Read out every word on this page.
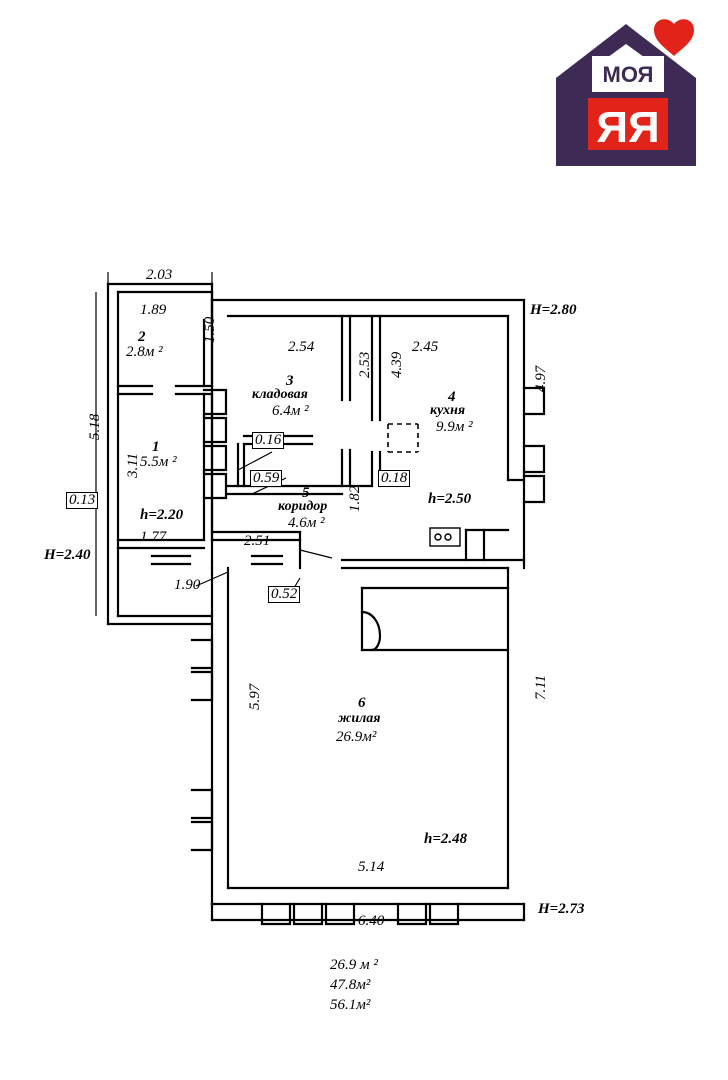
МОЯ
ЯЯ
2.03
1.89
1.50
Н=2.80
2
2.8м ²
1
5.5м ²
h=2.20
5.18
3.11
0.13
0.16
0.59	0.18
0.52
Н=2.40
1.77
1.90
2.51
2.54
3
кладовая
6.4м ²
2.53 4.39
1.82
2.45
4
кухня
9.9м ²
h=2.50
4.97
5
коридор
4.6м ²
6
жилая
26.9м²
h=2.48
5.97	7.11
5.14
6.40
Н=2.73
26.9 м ²
47.8м²
56.1м²
